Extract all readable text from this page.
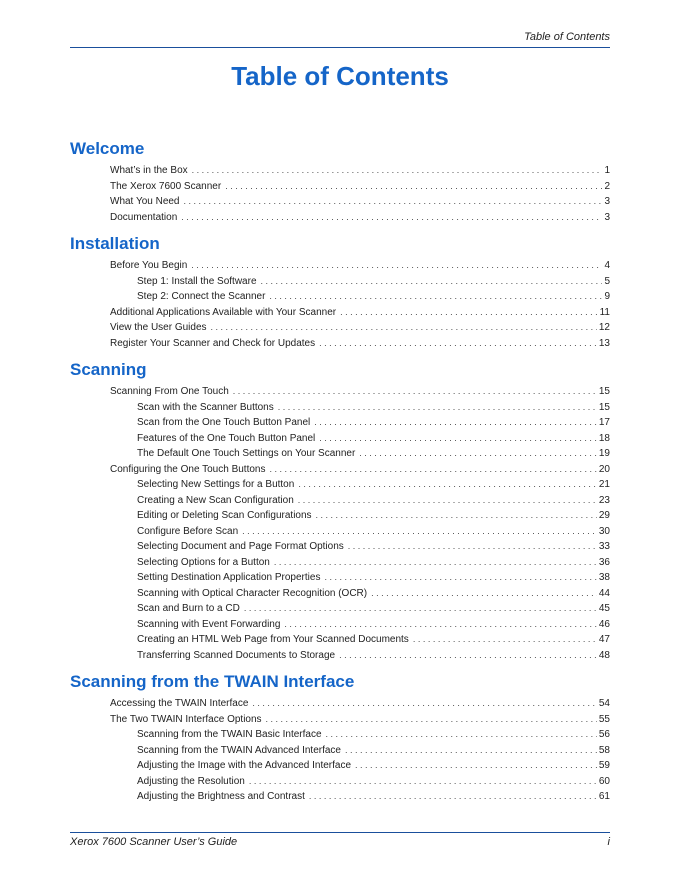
Table of Contents
Table of Contents
Welcome
What’s in the Box . . .	1
The Xerox 7600 Scanner . . .	2
What You Need . . .	3
Documentation . . .	3
Installation
Before You Begin . . .	4
Step 1: Install the Software . . .	5
Step 2: Connect the Scanner . . .	9
Additional Applications Available with Your Scanner . . .	11
View the User Guides . . .	12
Register Your Scanner and Check for Updates . . .	13
Scanning
Scanning From One Touch . . .	15
Scan with the Scanner Buttons . . .	15
Scan from the One Touch Button Panel . . .	17
Features of the One Touch Button Panel . . .	18
The Default One Touch Settings on Your Scanner . . .	19
Configuring the One Touch Buttons . . .	20
Selecting New Settings for a Button . . .	21
Creating a New Scan Configuration . . .	23
Editing or Deleting Scan Configurations . . .	29
Configure Before Scan . . .	30
Selecting Document and Page Format Options . . .	33
Selecting Options for a Button . . .	36
Setting Destination Application Properties . . .	38
Scanning with Optical Character Recognition (OCR) . . .	44
Scan and Burn to a CD . . .	45
Scanning with Event Forwarding . . .	46
Creating an HTML Web Page from Your Scanned Documents . . .	47
Transferring Scanned Documents to Storage . . .	48
Scanning from the TWAIN Interface
Accessing the TWAIN Interface . . .	54
The Two TWAIN Interface Options . . .	55
Scanning from the TWAIN Basic Interface . . .	56
Scanning from the TWAIN Advanced Interface . . .	58
Adjusting the Image with the Advanced Interface . . .	59
Adjusting the Resolution . . .	60
Adjusting the Brightness and Contrast . . .	61
Xerox 7600 Scanner User’s Guide	i
